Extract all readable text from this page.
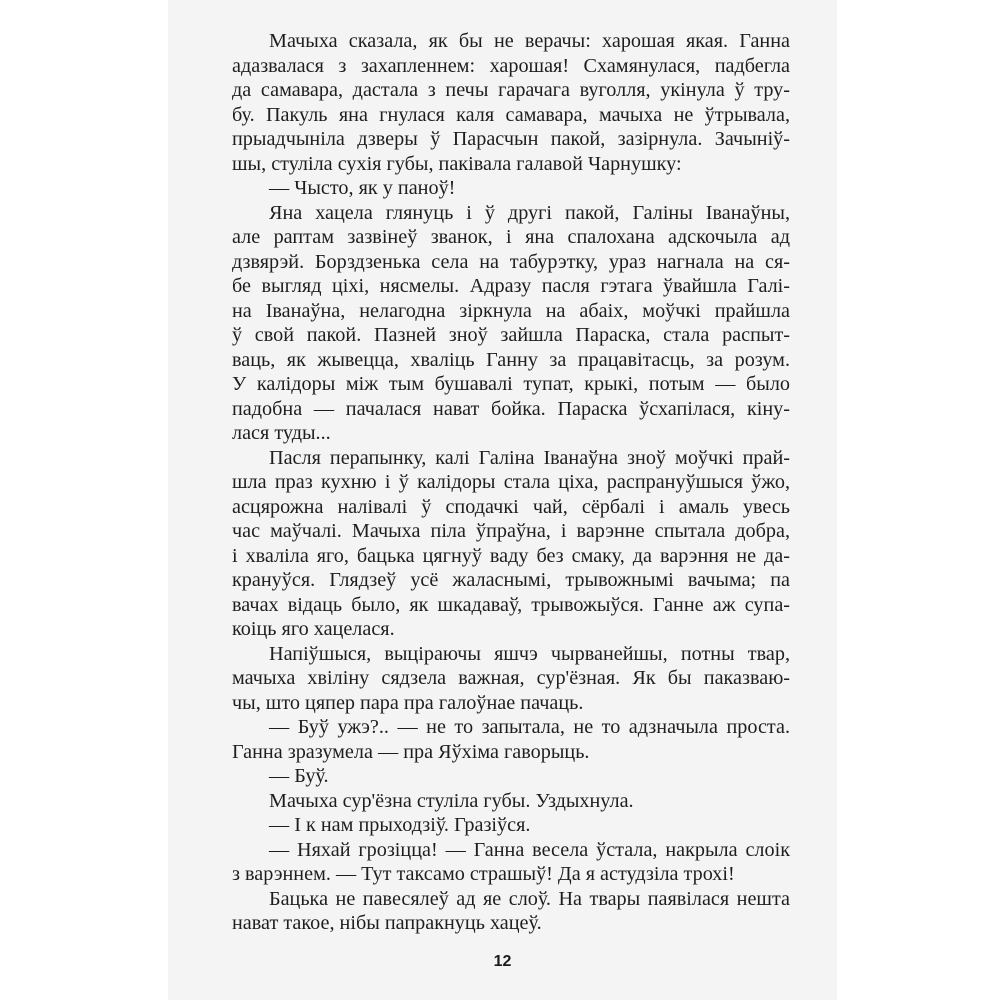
Мачыха сказала, як бы не верачы: харошая якая. Ганна
адазвалася з захапленнем: харошая! Схамянулася, падбегла
да самавара, дастала з печы гарачага вуголля, укінула ў тру-
бу. Пакуль яна гнулася каля самавара, мачыха не ўтрывала,
прыадчыніла дзверы ў Парасчын пакой, зазірнула. Зачыніў-
шы, стуліла сухія губы, паківала галавой Чарнушку:
— Чысто, як у паноў!
Яна хацела глянуць і ў другі пакой, Галіны Іванаўны,
але раптам зазвінеў званок, і яна спалохана адскочыла ад
дзвярэй. Борздзенька села на табурэтку, ураз нагнала на ся-
бе выгляд ціхі, нясмелы. Адразу пасля гэтага ўвайшла Галі-
на Іванаўна, нелагодна зіркнула на абаіх, моўчкі прайшла
ў свой пакой. Пазней зноў зайшла Параска, стала распыт-
ваць, як жывецца, хваліць Ганну за працавітасць, за розум.
У калідоры між тым бушавалі тупат, крыкі, потым — было
падобна — пачалася нават бойка. Параска ўсхапілася, кіну-
лася туды...
Пасля перапынку, калі Галіна Іванаўна зноў моўчкі прай-
шла праз кухню і ў калідоры стала ціха, распрануўшыся ўжо,
асцярожна налівалі ў сподачкі чай, сёрбалі і амаль увесь
час маўчалі. Мачыха піла ўпраўна, і варэнне спытала добра,
і хваліла яго, бацька цягнуў ваду без смаку, да варэння не да-
крануўся. Глядзеў усё жаласнымі, трывожнымі вачыма; па
вачах відаць было, як шкадаваў, трывожыўся. Ганне аж супа-
коіць яго хацелася.
Напіўшыся, выціраючы яшчэ чырванейшы, потны твар,
мачыха хвіліну сядзела важная, сур'ёзная. Як бы паказваю-
чы, што цяпер пара пра галоўнае пачаць.
— Буў ужэ?.. — не то запытала, не то адзначыла проста.
Ганна зразумела — пра Яўхіма гаворыць.
— Буў.
Мачыха сур'ёзна стуліла губы. Уздыхнула.
— І к нам прыходзіў. Гразіўся.
— Няхай грозіцца! — Ганна весела ўстала, накрыла слоік
з варэннем. — Тут таксамо страшыў! Да я астудзіла трохі!
Бацька не павесялеў ад яе слоў. На твары паявілася нешта
нават такое, нібы папракнуць хацеў.
12
